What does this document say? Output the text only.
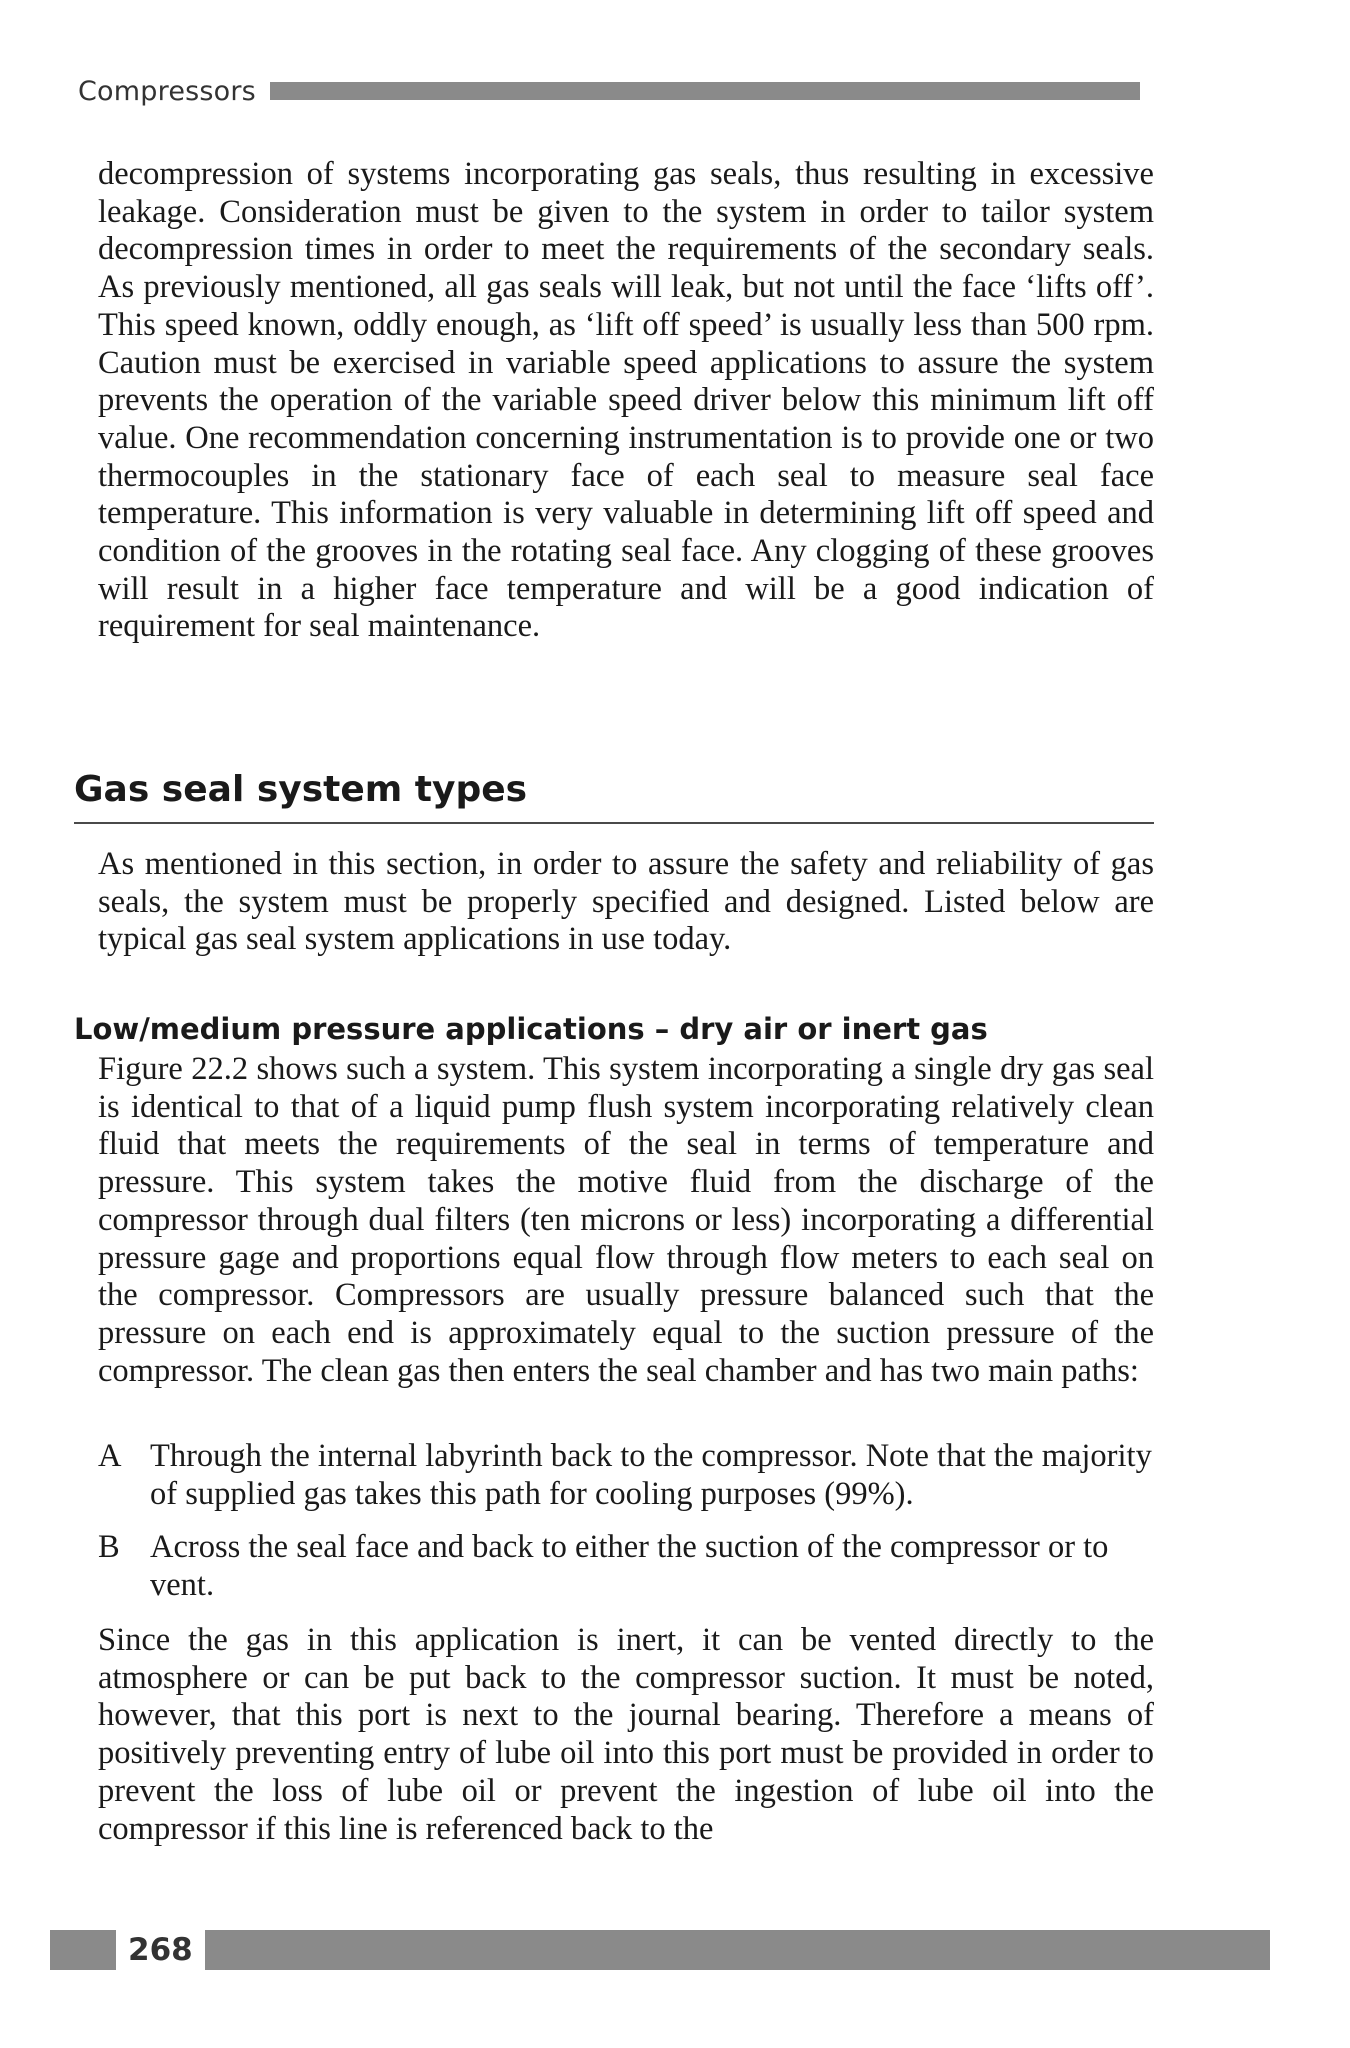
Compressors

decompression of systems incorporating gas seals, thus resulting in excessive leakage. Consideration must be given to the system in order to tailor system decompression times in order to meet the requirements of the secondary seals. As previously mentioned, all gas seals will leak, but not until the face ‘lifts off’. This speed known, oddly enough, as ‘lift off speed’ is usually less than 500 rpm. Caution must be exercised in variable speed applications to assure the system prevents the operation of the variable speed driver below this minimum lift off value. One recommendation concerning instrumentation is to provide one or two thermocouples in the stationary face of each seal to measure seal face temperature. This information is very valuable in determining lift off speed and condition of the grooves in the rotating seal face. Any clogging of these grooves will result in a higher face temperature and will be a good indication of requirement for seal maintenance.

Gas seal system types

As mentioned in this section, in order to assure the safety and reliability of gas seals, the system must be properly specified and designed. Listed below are typical gas seal system applications in use today.

Low/medium pressure applications – dry air or inert gas

Figure 22.2 shows such a system. This system incorporating a single dry gas seal is identical to that of a liquid pump flush system incorporating relatively clean fluid that meets the requirements of the seal in terms of temperature and pressure. This system takes the motive fluid from the discharge of the compressor through dual filters (ten microns or less) incorporating a differential pressure gage and proportions equal flow through flow meters to each seal on the compressor. Compressors are usually pressure balanced such that the pressure on each end is approximately equal to the suction pressure of the compressor. The clean gas then enters the seal chamber and has two main paths:

A Through the internal labyrinth back to the compressor. Note that the majority of supplied gas takes this path for cooling purposes (99%).
B Across the seal face and back to either the suction of the compressor or to vent.

Since the gas in this application is inert, it can be vented directly to the atmosphere or can be put back to the compressor suction. It must be noted, however, that this port is next to the journal bearing. Therefore a means of positively preventing entry of lube oil into this port must be provided in order to prevent the loss of lube oil or prevent the ingestion of lube oil into the compressor if this line is referenced back to the

268
